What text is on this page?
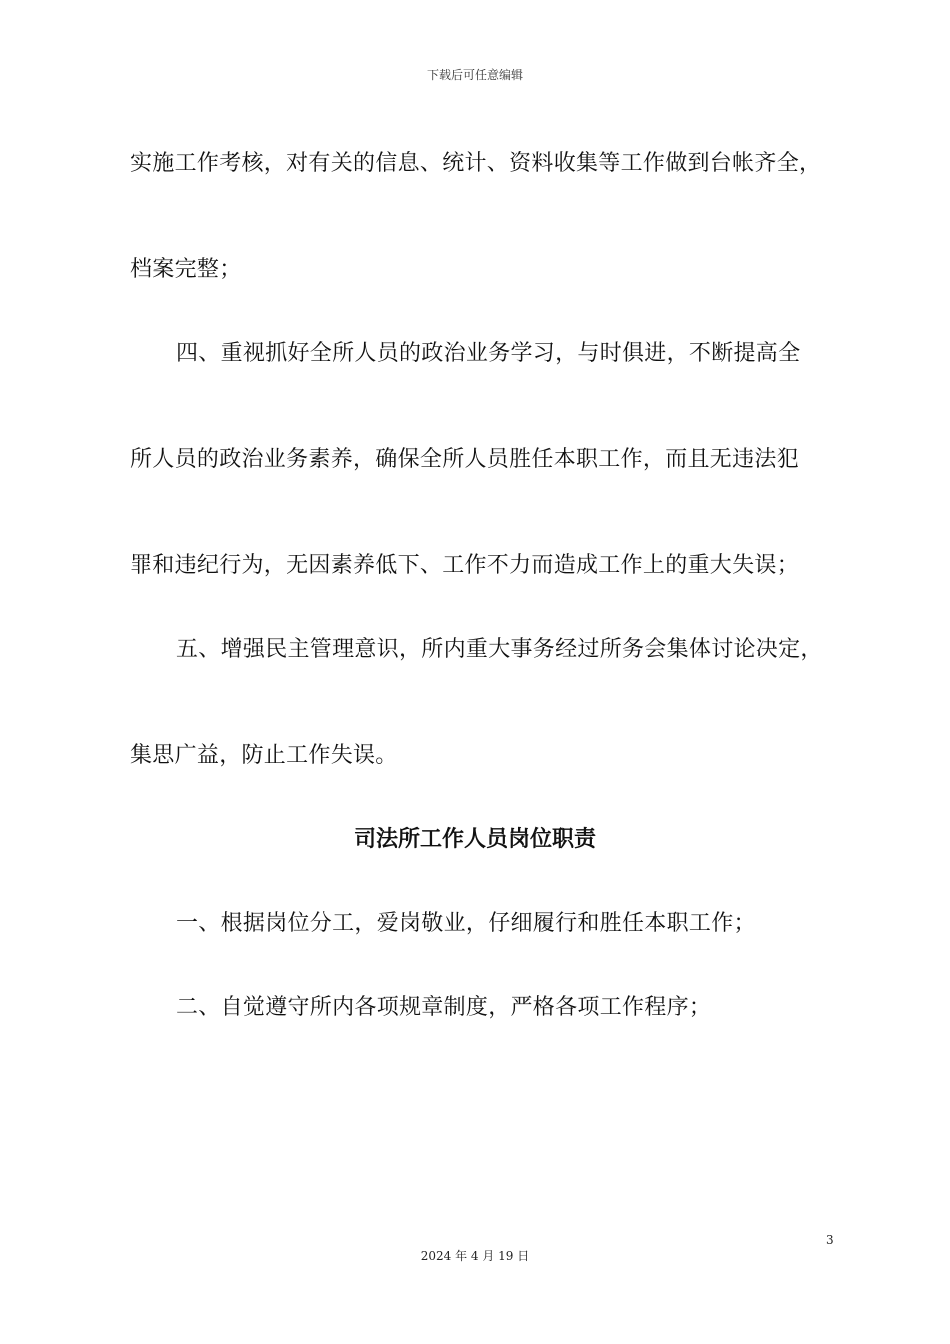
下载后可任意编辑
实施工作考核，对有关的信息、统计、资料收集等工作做到台帐齐全，
档案完整；
四、重视抓好全所人员的政治业务学习，与时俱进，不断提高全
所人员的政治业务素养，确保全所人员胜任本职工作，而且无违法犯
罪和违纪行为，无因素养低下、工作不力而造成工作上的重大失误；
五、增强民主管理意识，所内重大事务经过所务会集体讨论决定，
集思广益，防止工作失误。
司法所工作人员岗位职责
一、根据岗位分工，爱岗敬业，仔细履行和胜任本职工作；
二、自觉遵守所内各项规章制度，严格各项工作程序；
3
2024 年 4 月 19 日
